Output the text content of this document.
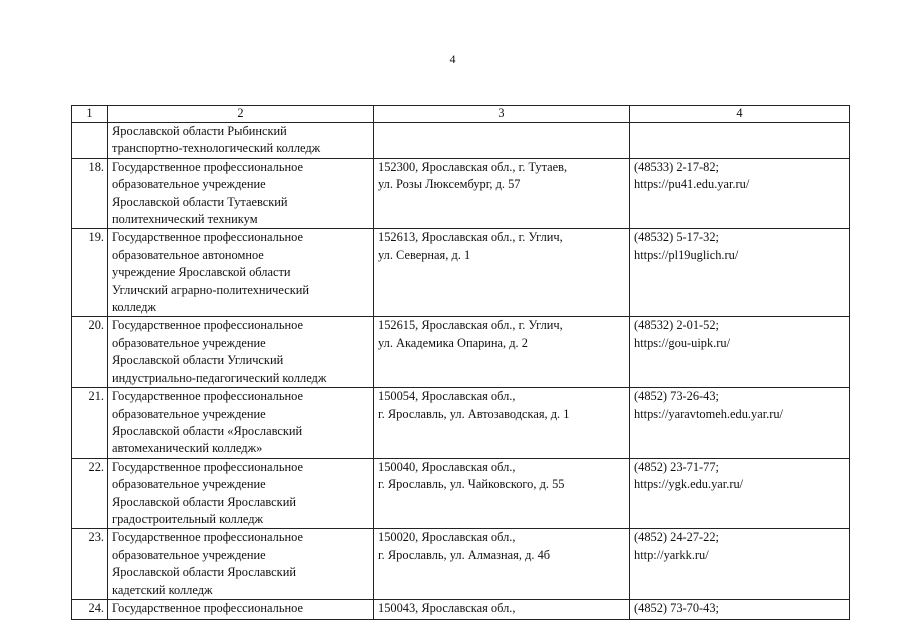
4
1	2	3	4

	Ярославской области Рыбинский
транспортно-технологический колледж		

18.	Государственное профессиональное
образовательное учреждение
Ярославской области Тутаевский
политехнический техникум	152300, Ярославская обл., г. Тутаев,
ул. Розы Люксембург, д. 57	(48533) 2-17-82;
https://pu41.edu.yar.ru/

19.	Государственное профессиональное
образовательное автономное
учреждение Ярославской области
Угличский аграрно-политехнический
колледж	152613, Ярославская обл., г. Углич,
ул. Северная, д. 1	(48532) 5-17-32;
https://pl19uglich.ru/

20.	Государственное профессиональное
образовательное учреждение
Ярославской области Угличский
индустриально-педагогический колледж	152615, Ярославская обл., г. Углич,
ул. Академика Опарина, д. 2	(48532) 2-01-52;
https://gou-uipk.ru/

21.	Государственное профессиональное
образовательное учреждение
Ярославской области «Ярославский
автомеханический колледж»	150054, Ярославская обл.,
г. Ярославль, ул. Автозаводская, д. 1	(4852) 73-26-43;
https://yaravtomeh.edu.yar.ru/

22.	Государственное профессиональное
образовательное учреждение
Ярославской области Ярославский
градостроительный колледж	150040, Ярославская обл.,
г. Ярославль, ул. Чайковского, д. 55	(4852) 23-71-77;
https://ygk.edu.yar.ru/

23.	Государственное профессиональное
образовательное учреждение
Ярославской области Ярославский
кадетский колледж	150020, Ярославская обл.,
г. Ярославль, ул. Алмазная, д. 4б	(4852) 24-27-22;
http://yarkk.ru/

24.	Государственное профессиональное	150043, Ярославская обл.,	(4852) 73-70-43;
